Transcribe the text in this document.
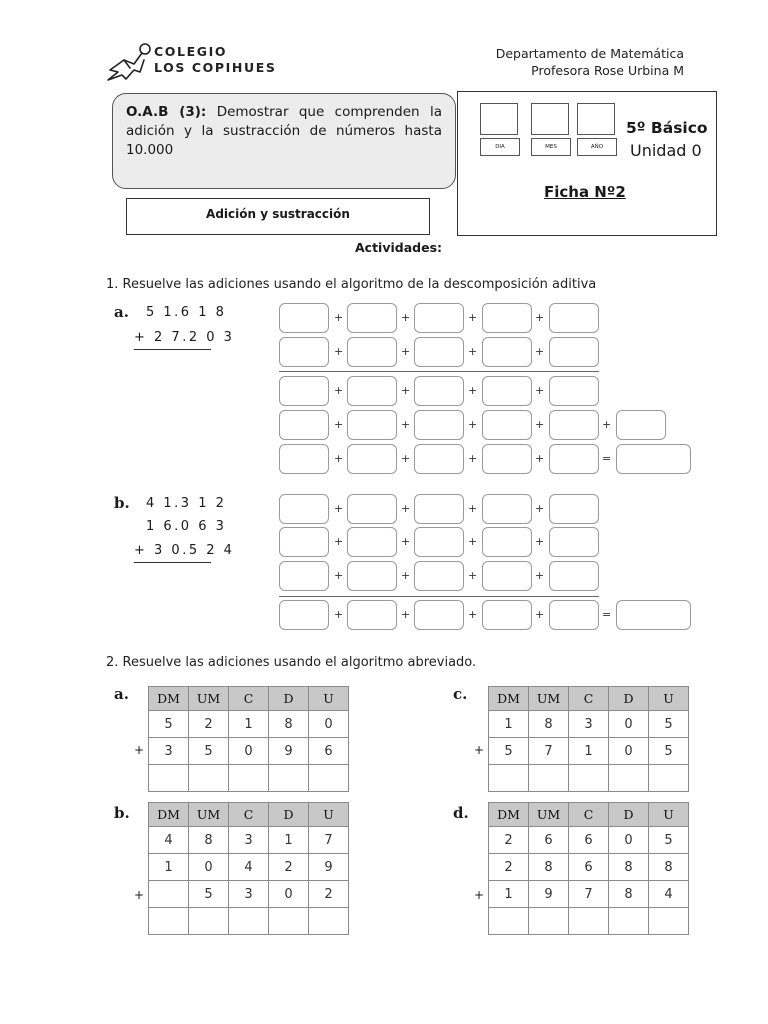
COLEGIO
LOS COPIHUES
Departamento de Matemática
Profesora Rose Urbina M
O.A.B (3): Demostrar que comprenden la adición y la sustracción de números hasta 10.000	DIA	MES	AÑO
5º Básico
Unidad 0
Ficha Nº2
Adición y sustracción
Actividades:
1. Resuelve las adiciones usando el algoritmo de la descomposición aditiva
a. 5 1.6 1 8
+ 2 7.2 0 3
b. 4 1.3 1 2
1 6.0 6 3
+ 3 0.5 2 4
+	+	+	+
+	+	+	+
+	+	+	+
+	+	+	+	+
+	+	+	+	=
+	+	+	+
+	+	+	+
+	+	+	+
+	+	+	+	=
2. Resuelve las adiciones usando el algoritmo abreviado.
a.	c.
b.	d.
DM	UM	C	D	U
5	2	1	8	0
3	5	0	9	6

DM	UM	C	D	U
1	8	3	0	5
5	7	1	0	5

DM	UM	C	D	U
4	8	3	1	7
1	0	4	2	9
	5	3	0	2

DM	UM	C	D	U
2	6	6	0	5
2	8	6	8	8
1	9	7	8	4

+	+
+	+
